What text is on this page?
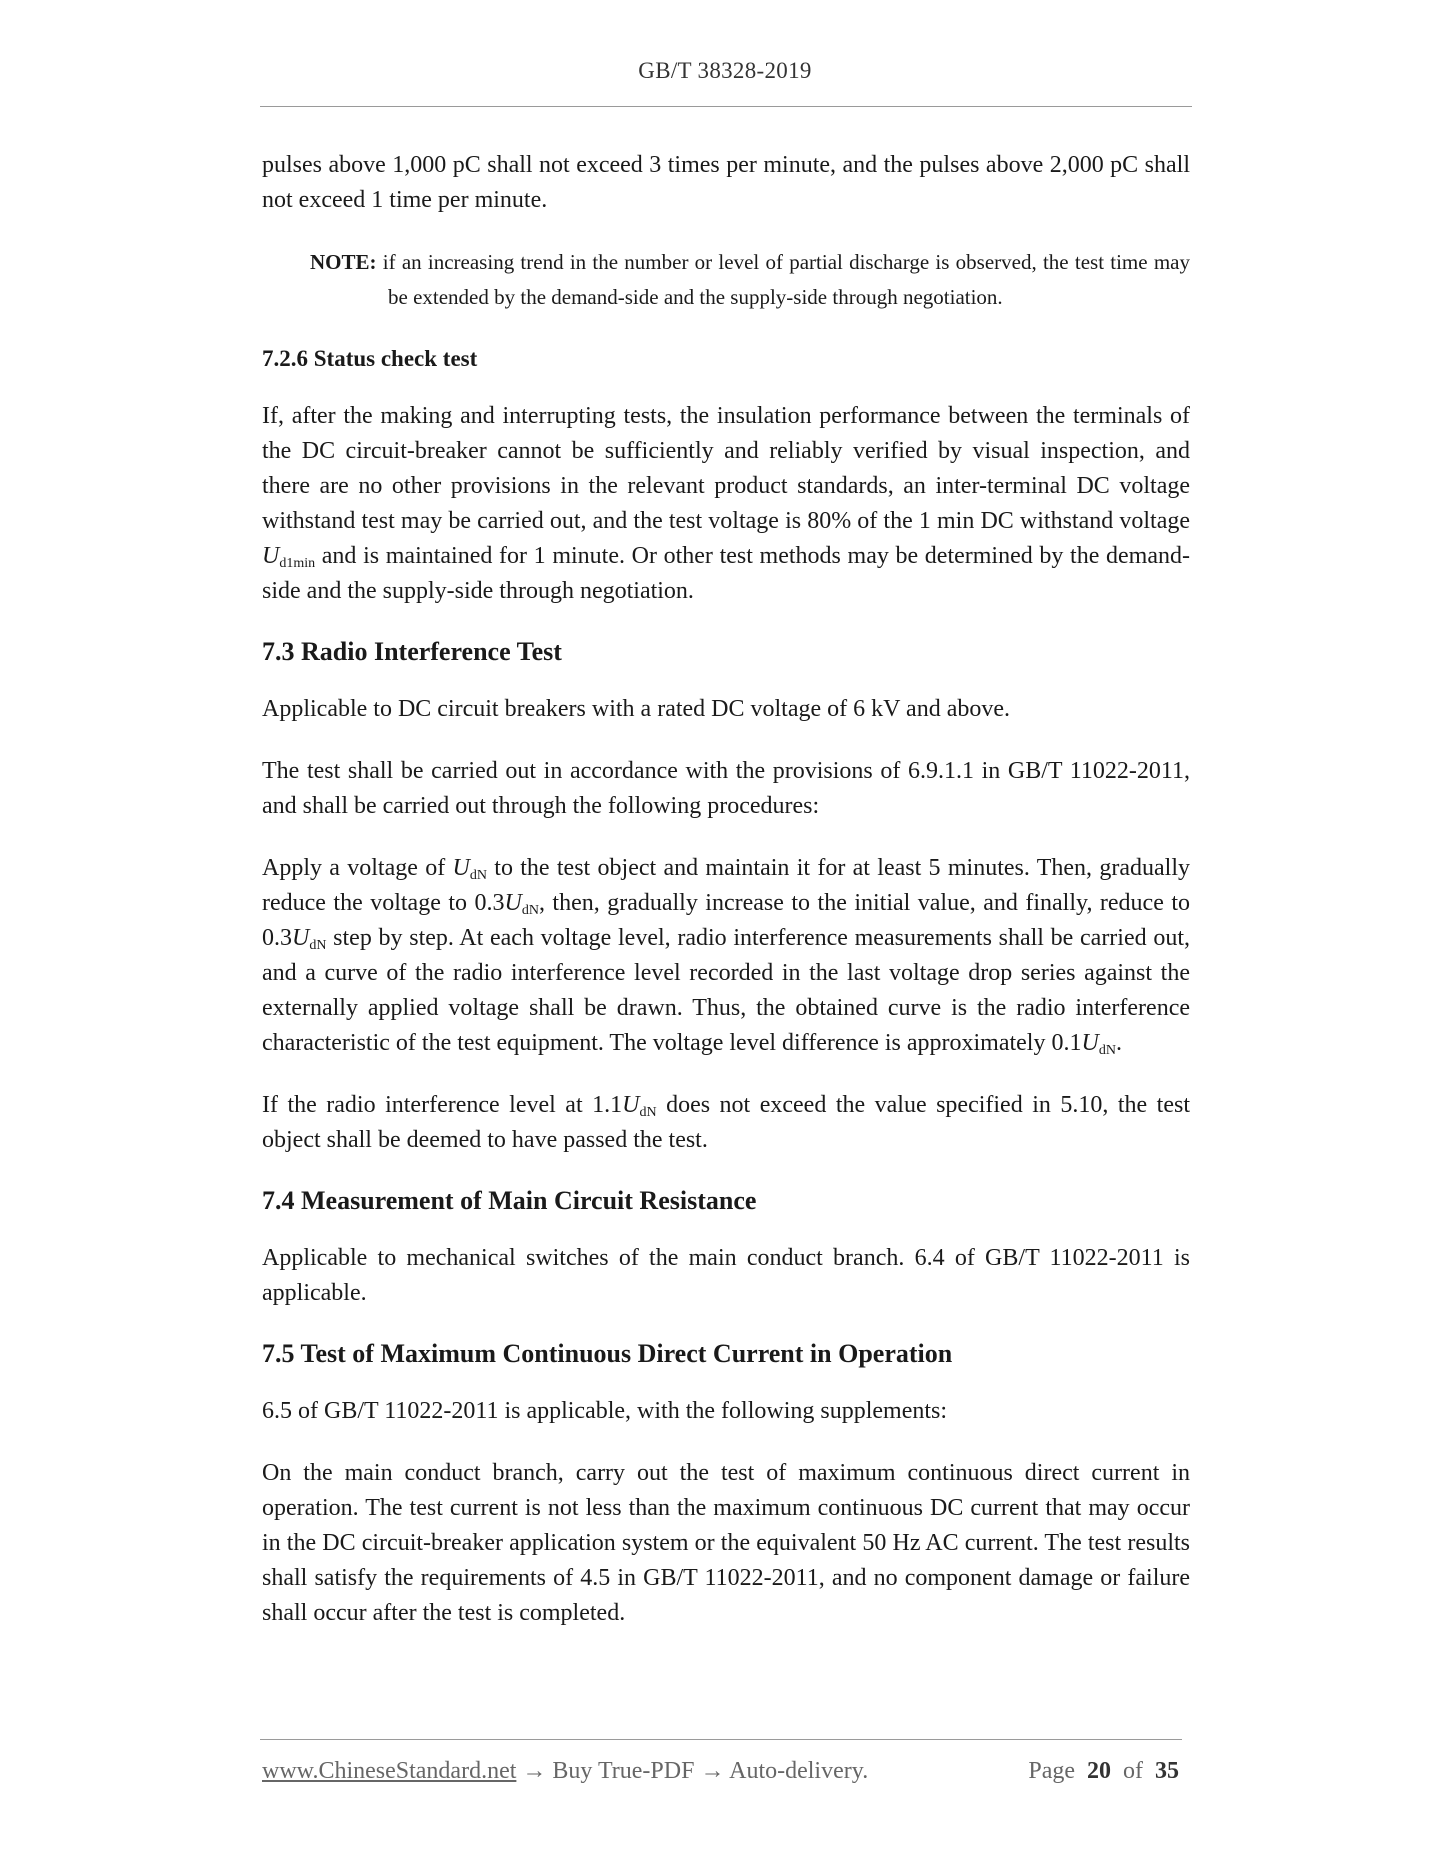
GB/T 38328-2019

pulses above 1,000 pC shall not exceed 3 times per minute, and the pulses above 2,000 pC shall not exceed 1 time per minute.

NOTE: if an increasing trend in the number or level of partial discharge is observed, the test time may be extended by the demand-side and the supply-side through negotiation.
7.2.6 Status check test

If, after the making and interrupting tests, the insulation performance between the terminals of the DC circuit-breaker cannot be sufficiently and reliably verified by visual inspection, and there are no other provisions in the relevant product standards, an inter-terminal DC voltage withstand test may be carried out, and the test voltage is 80% of the 1 min DC withstand voltage $U_{d1min}$ and is maintained for 1 minute. Or other test methods may be determined by the demand-side and the supply-side through negotiation.

7.3 Radio Interference Test

Applicable to DC circuit breakers with a rated DC voltage of 6 kV and above.

The test shall be carried out in accordance with the provisions of 6.9.1.1 in GB/T 11022-2011, and shall be carried out through the following procedures:

Apply a voltage of $U_{dN}$ to the test object and maintain it for at least 5 minutes. Then, gradually reduce the voltage to $0.3U_{dN}$, then, gradually increase to the initial value, and finally, reduce to $0.3U_{dN}$ step by step. At each voltage level, radio interference measurements shall be carried out, and a curve of the radio interference level recorded in the last voltage drop series against the externally applied voltage shall be drawn. Thus, the obtained curve is the radio interference characteristic of the test equipment. The voltage level difference is approximately $0.1U_{dN}$.

If the radio interference level at $1.1U_{dN}$ does not exceed the value specified in 5.10, the test object shall be deemed to have passed the test.

7.4 Measurement of Main Circuit Resistance

Applicable to mechanical switches of the main conduct branch. 6.4 of GB/T 11022-2011 is applicable.

7.5 Test of Maximum Continuous Direct Current in Operation

6.5 of GB/T 11022-2011 is applicable, with the following supplements:

On the main conduct branch, carry out the test of maximum continuous direct current in operation. The test current is not less than the maximum continuous DC current that may occur in the DC circuit-breaker application system or the equivalent 50 Hz AC current. The test results shall satisfy the requirements of 4.5 in GB/T 11022-2011, and no component damage or failure shall occur after the test is completed.

www.ChineseStandard.net → Buy True-PDF → Auto-delivery.	Page 20 of 35
